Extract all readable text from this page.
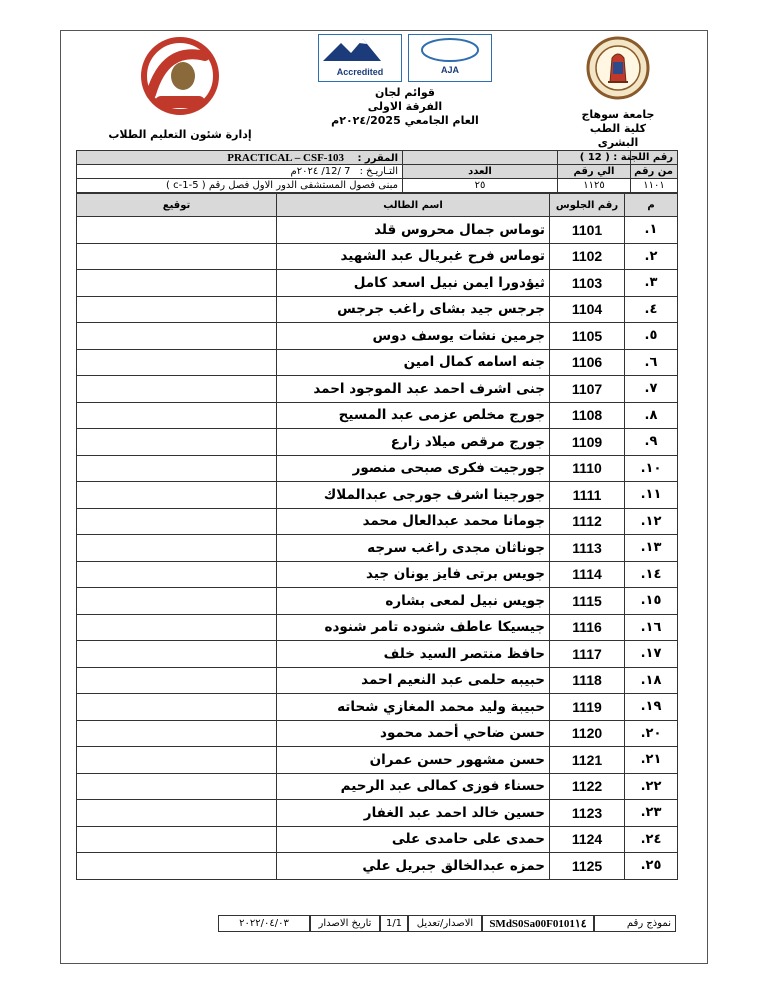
جامعة سوهاج
كلية الطب البشرى
Accredited	AJA
قوائم لجان
الفرقة الاولى
العام الجامعي ٢٠٢٤/2025م
إدارة شئون التعليم الطلاب
رقم اللجنة : ( 12 )			المقرر : PRACTICAL – CSF-103
من رقم	الي رقم	العدد	التـاريـخ : 7 /12/ ٢٠٢٤م
١١٠١	١١٢٥	٢٥	مبنى فصول المستشفى الدور الاول فصل رقم ( c-1-5 )
م	رقم الجلوس	اسم الطالب	توقيع
١.	1101	توماس جمال محروس قلد	
٢.	1102	توماس فرح غبريال عبد الشهيد	
٣.	1103	ثيؤدورا ايمن نبيل اسعد كامل	
٤.	1104	جرجس جيد بشاى راغب جرجس	
٥.	1105	جرمين نشات يوسف دوس	
٦.	1106	جنه اسامه كمال امين	
٧.	1107	جنى اشرف احمد عبد الموجود احمد	
٨.	1108	جورج مخلص عزمى عبد المسيح	
٩.	1109	جورج مرقص ميلاد زارع	
١٠.	1110	جورجيت فكرى صبحى منصور	
١١.	1111	جورجينا اشرف جورجى عبدالملاك	
١٢.	1112	جومانا محمد عبدالعال محمد	
١٣.	1113	جوناثان مجدى راغب سرجه	
١٤.	1114	جويس برتى فايز يونان جيد	
١٥.	1115	جويس نبيل لمعى بشاره	
١٦.	1116	جيسيكا عاطف شنوده تامر شنوده	
١٧.	1117	حافظ منتصر السيد خلف	
١٨.	1118	حبيبه حلمى عبد النعيم احمد	
١٩.	1119	حبيبة وليد محمد المغازي شحاته	
٢٠.	1120	حسن ضاحي أحمد محمود	
٢١.	1121	حسن مشهور حسن عمران	
٢٢.	1122	حسناء فوزى كمالى عبد الرحيم	
٢٣.	1123	حسين خالد احمد عبد الغفار	
٢٤.	1124	حمدى على حامدى على	
٢٥.	1125	حمزه عبدالخالق جبريل علي	
نموذج رقم
SMdS0Sa00F0101١٤
الاصدار/تعديل
1/1
تاريخ الاصدار
٢٠٢٢/٠٤/٠٣
